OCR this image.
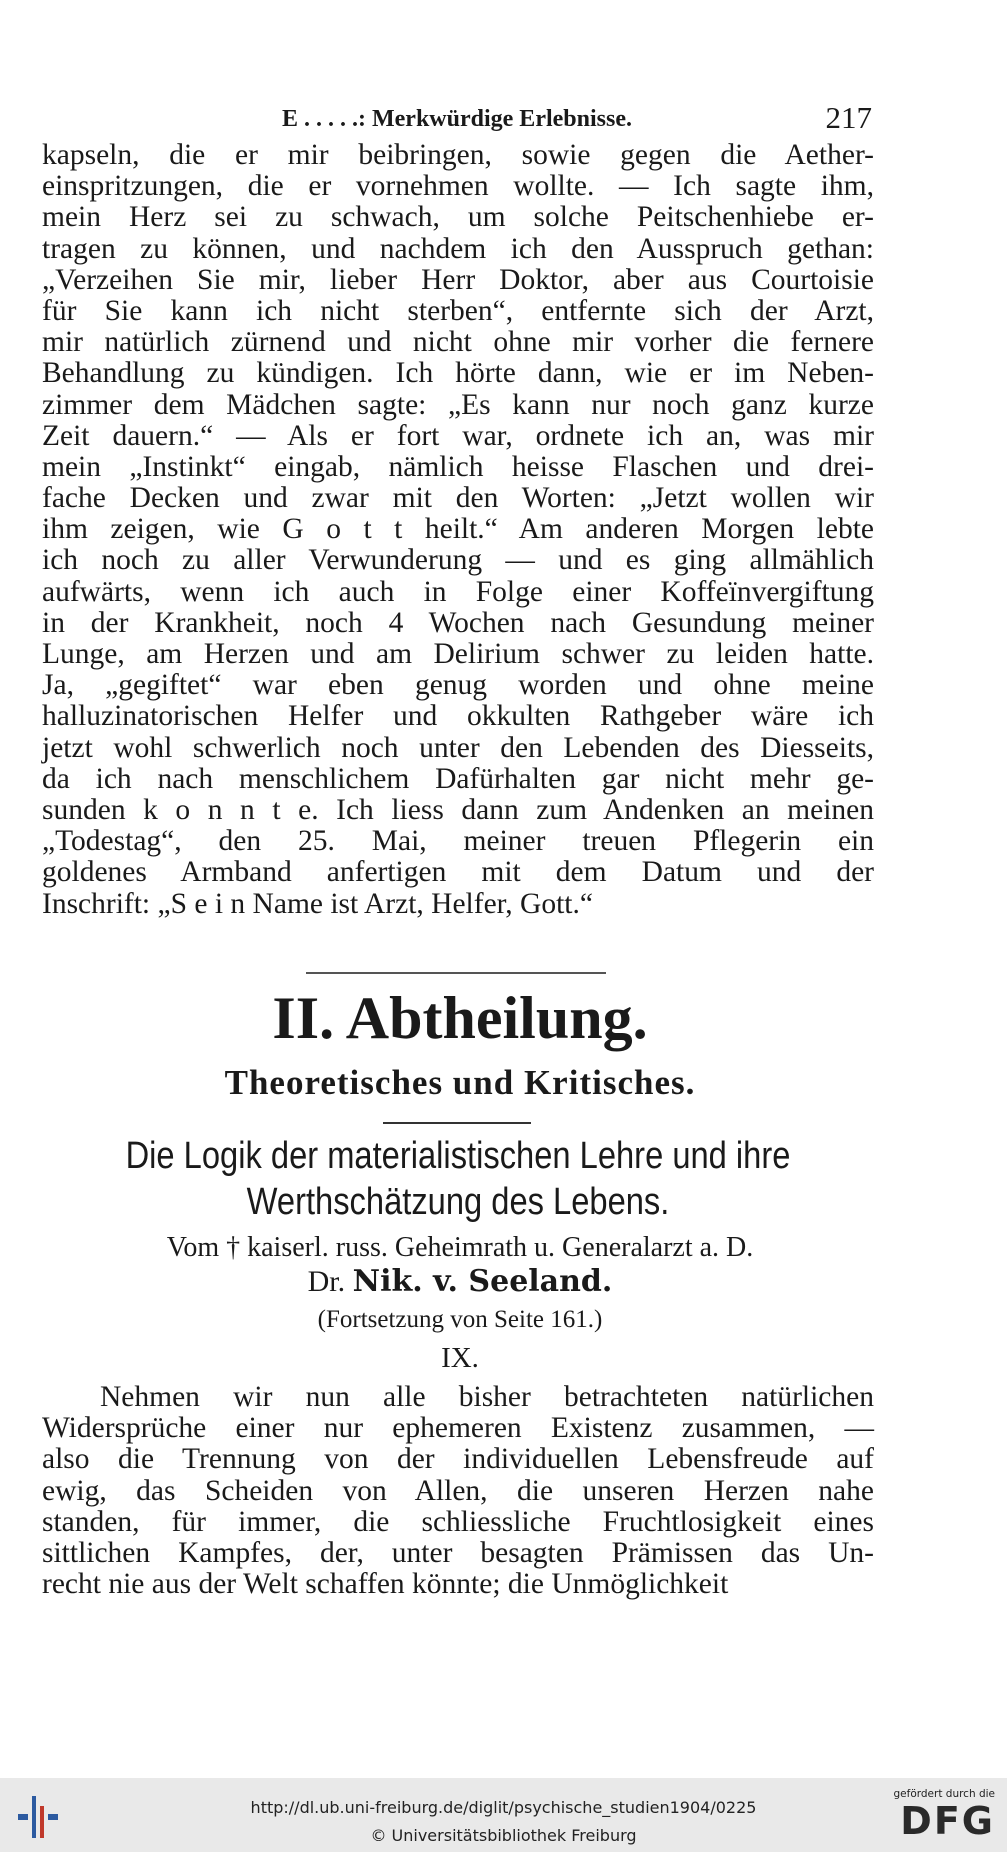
E . . . . .: Merkwürdige Erlebnisse.	217
kapseln, die er mir beibringen, sowie gegen die Aether-
einspritzungen, die er vornehmen wollte. — Ich sagte ihm,
mein Herz sei zu schwach, um solche Peitschenhiebe er-
tragen zu können, und nachdem ich den Ausspruch gethan:
„Verzeihen Sie mir, lieber Herr Doktor, aber aus Courtoisie
für Sie kann ich nicht sterben“, entfernte sich der Arzt,
mir natürlich zürnend und nicht ohne mir vorher die fernere
Behandlung zu kündigen. Ich hörte dann, wie er im Neben-
zimmer dem Mädchen sagte: „Es kann nur noch ganz kurze
Zeit dauern.“ — Als er fort war, ordnete ich an, was mir
mein „Instinkt“ eingab, nämlich heisse Flaschen und drei-
fache Decken und zwar mit den Worten: „Jetzt wollen wir
ihm zeigen, wie G o t t heilt.“ Am anderen Morgen lebte
ich noch zu aller Verwunderung — und es ging allmählich
aufwärts, wenn ich auch in Folge einer Koffeïnvergiftung
in der Krankheit, noch 4 Wochen nach Gesundung meiner
Lunge, am Herzen und am Delirium schwer zu leiden hatte.
Ja, „gegiftet“ war eben genug worden und ohne meine
halluzinatorischen Helfer und okkulten Rathgeber wäre ich
jetzt wohl schwerlich noch unter den Lebenden des Diesseits,
da ich nach menschlichem Dafürhalten gar nicht mehr ge-
sunden k o n n t e. Ich liess dann zum Andenken an meinen
„Todestag“, den 25. Mai, meiner treuen Pflegerin ein
goldenes Armband anfertigen mit dem Datum und der
Inschrift: „S e i n Name ist Arzt, Helfer, Gott.“
II. Abtheilung.
Theoretisches und Kritisches.
Die Logik der materialistischen Lehre und ihre
Werthschätzung des Lebens.
Vom † kaiserl. russ. Geheimrath u. Generalarzt a. D.
Dr. Nik. v. Seeland.
(Fortsetzung von Seite 161.)
IX.
Nehmen wir nun alle bisher betrachteten natürlichen
Widersprüche einer nur ephemeren Existenz zusammen, —
also die Trennung von der individuellen Lebensfreude auf
ewig, das Scheiden von Allen, die unseren Herzen nahe
standen, für immer, die schliessliche Fruchtlosigkeit eines
sittlichen Kampfes, der, unter besagten Prämissen das Un-
recht nie aus der Welt schaffen könnte; die Unmöglichkeit
http://dl.ub.uni-freiburg.de/diglit/psychische_studien1904/0225
© Universitätsbibliothek Freiburg
gefördert durch die
DFG
